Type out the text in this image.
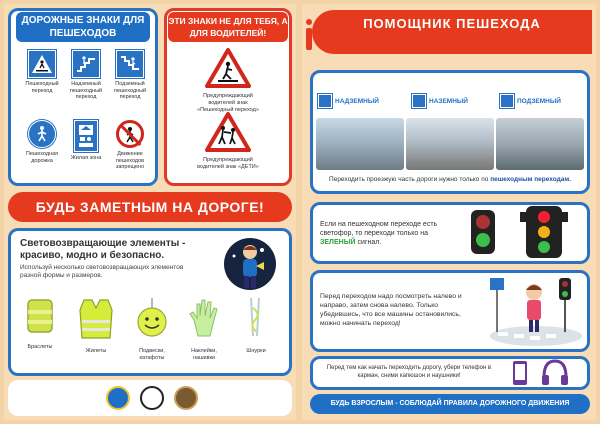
ДОРОЖНЫЕ ЗНАКИ ДЛЯ ПЕШЕХОДОВ
Пешеходный переход
Надземный пешеходный переход
Подземный пешеходный переход
Пешеходная дорожка	Жилая зона
Движение пешеходов запрещено
ЭТИ ЗНАКИ НЕ ДЛЯ ТЕБЯ, А ДЛЯ ВОДИТЕЛЕЙ!
Предупреждающий водителей знак «Пешеходный переход»
Предупреждающий водителей знак «ДЕТИ»
БУДЬ ЗАМЕТНЫМ НА ДОРОГЕ!
Световозвращающие элементы - красиво, модно и безопасно.
Используй несколько световозвращающих элементов разной формы и размеров.
Браслеты
Жилеты	Подвески, катафоты
Наклейки, нашивки
Шнурки
ПОМОЩНИК ПЕШЕХОДА
НАДЗЕМНЫЙ	НАЗЕМНЫЙ	ПОДЗЕМНЫЙ
Переходить проезжую часть дороги нужно только по пешеходным переходам.
Если на пешеходном переходе есть светофор, то переходи только на ЗЕЛЕНЫЙ сигнал.
Перед переходом надо посмотреть налево и направо, затем снова налево. Только убедившись, что все машины остановились, можно начинать переход!
Перед тем как начать переходить дорогу, убери телефон в карман, сними капюшон и наушники!
БУДЬ ВЗРОСЛЫМ - СОБЛЮДАЙ ПРАВИЛА ДОРОЖНОГО ДВИЖЕНИЯ
